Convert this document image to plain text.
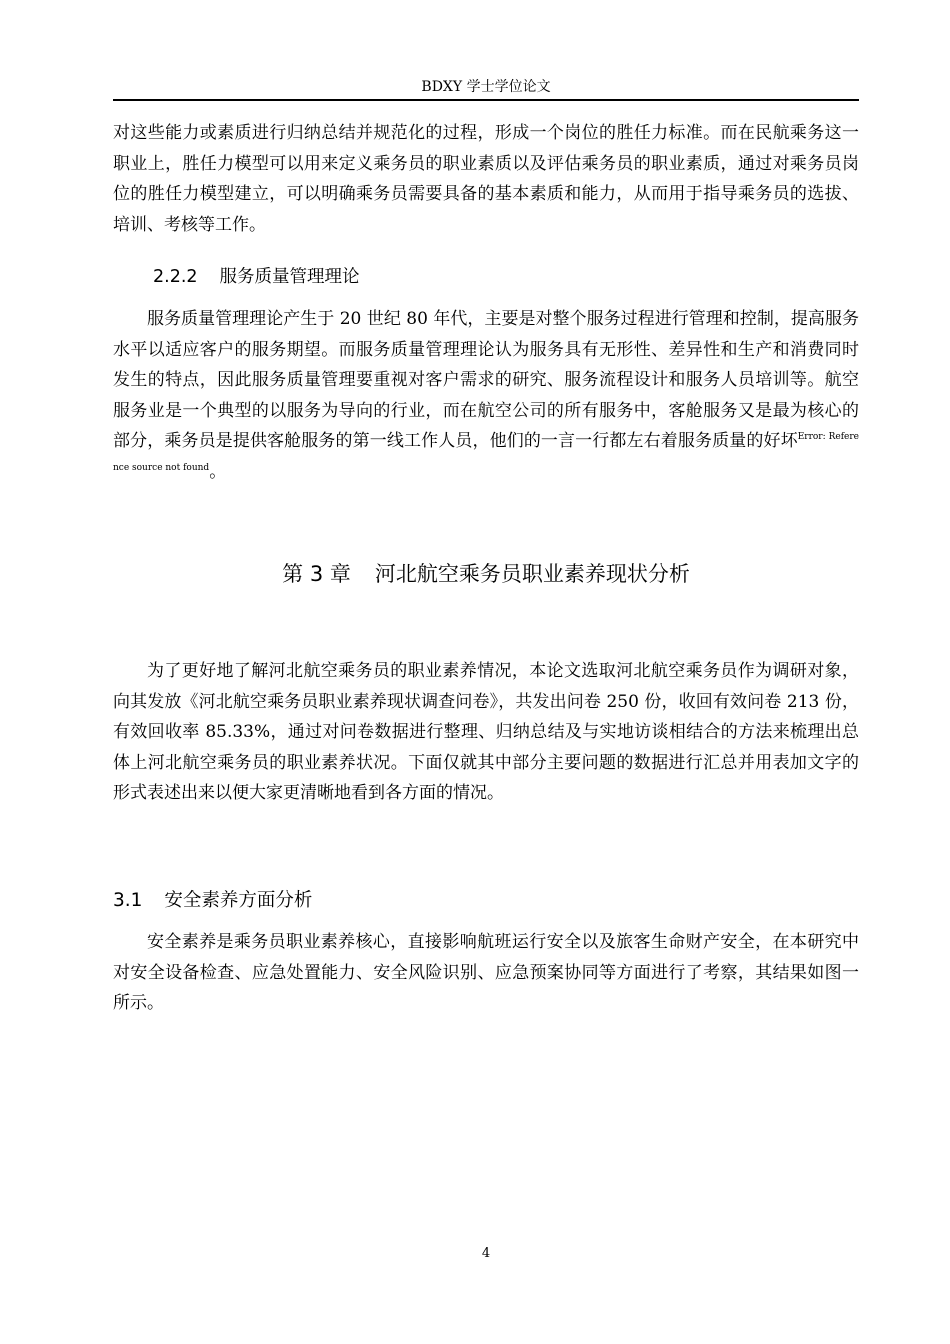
BDXY 学士学位论文

对这些能力或素质进行归纳总结并规范化的过程，形成一个岗位的胜任力标准。而在民航乘务这一职业上，胜任力模型可以用来定义乘务员的职业素质以及评估乘务员的职业素质，通过对乘务员岗位的胜任力模型建立，可以明确乘务员需要具备的基本素质和能力，从而用于指导乘务员的选拔、培训、考核等工作。

2.2.2 服务质量管理理论

服务质量管理理论产生于 20 世纪 80 年代，主要是对整个服务过程进行管理和控制，提高服务水平以适应客户的服务期望。而服务质量管理理论认为服务具有无形性、差异性和生产和消费同时发生的特点，因此服务质量管理要重视对客户需求的研究、服务流程设计和服务人员培训等。航空服务业是一个典型的以服务为导向的行业，而在航空公司的所有服务中，客舱服务又是最为核心的部分，乘务员是提供客舱服务的第一线工作人员，他们的一言一行都左右着服务质量的好坏$^{Error: Reference source not found}$。

第 3 章 河北航空乘务员职业素养现状分析

为了更好地了解河北航空乘务员的职业素养情况，本论文选取河北航空乘务员作为调研对象，向其发放《河北航空乘务员职业素养现状调查问卷》，共发出问卷 250 份，收回有效问卷 213 份，有效回收率 85.33%，通过对问卷数据进行整理、归纳总结及与实地访谈相结合的方法来梳理出总体上河北航空乘务员的职业素养状况。下面仅就其中部分主要问题的数据进行汇总并用表加文字的形式表述出来以便大家更清晰地看到各方面的情况。

3.1 安全素养方面分析

安全素养是乘务员职业素养核心，直接影响航班运行安全以及旅客生命财产安全，在本研究中对安全设备检查、应急处置能力、安全风险识别、应急预案协同等方面进行了考察，其结果如图一所示。

4
